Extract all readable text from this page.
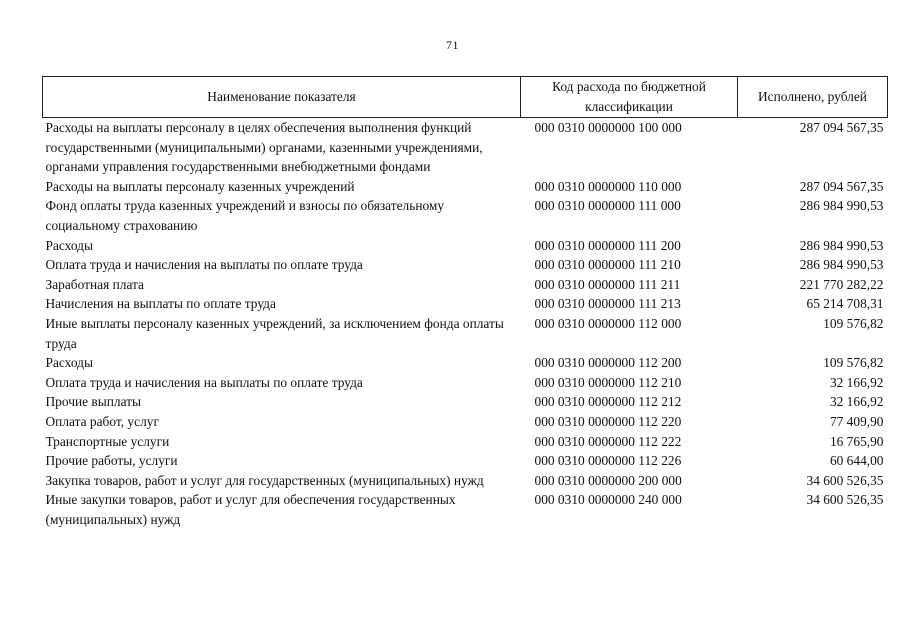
71
Наименование показателя	Код расхода по бюджетной классификации	Исполнено, рублей
Расходы на выплаты персоналу в целях обеспечения выполнения функций государственными (муниципальными) органами, казенными учреждениями, органами управления государственными внебюджетными фондами	000 0310 0000000 100 000	287 094 567,35
Расходы на выплаты персоналу казенных учреждений	000 0310 0000000 110 000	287 094 567,35
Фонд оплаты труда казенных учреждений и взносы по обязательному социальному страхованию	000 0310 0000000 111 000	286 984 990,53
Расходы	000 0310 0000000 111 200	286 984 990,53
Оплата труда и начисления на выплаты по оплате труда	000 0310 0000000 111 210	286 984 990,53
Заработная плата	000 0310 0000000 111 211	221 770 282,22
Начисления на выплаты по оплате труда	000 0310 0000000 111 213	65 214 708,31
Иные выплаты персоналу казенных учреждений, за исключением фонда оплаты труда	000 0310 0000000 112 000	109 576,82
Расходы	000 0310 0000000 112 200	109 576,82
Оплата труда и начисления на выплаты по оплате труда	000 0310 0000000 112 210	32 166,92
Прочие выплаты	000 0310 0000000 112 212	32 166,92
Оплата работ, услуг	000 0310 0000000 112 220	77 409,90
Транспортные услуги	000 0310 0000000 112 222	16 765,90
Прочие работы, услуги	000 0310 0000000 112 226	60 644,00
Закупка товаров, работ и услуг для государственных (муниципальных) нужд	000 0310 0000000 200 000	34 600 526,35
Иные закупки товаров, работ и услуг для обеспечения государственных (муниципальных) нужд	000 0310 0000000 240 000	34 600 526,35
